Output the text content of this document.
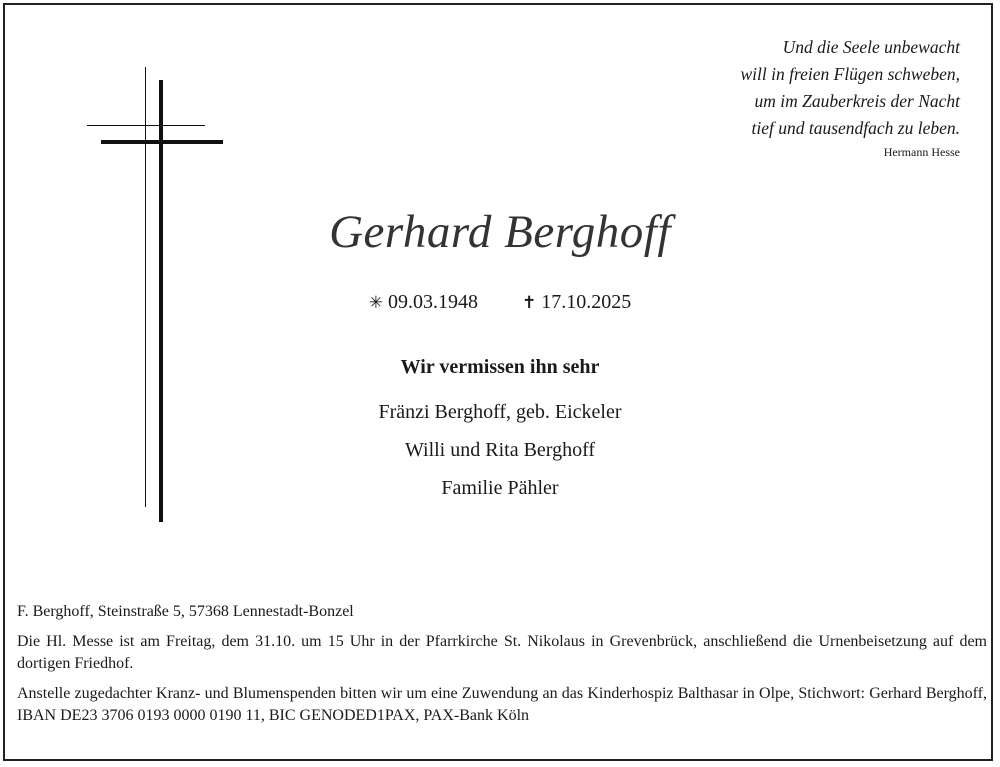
Und die Seele unbewacht
will in freien Flügen schweben,
um im Zauberkreis der Nacht
tief und tausendfach zu leben.
Hermann Hesse
Gerhard Berghoff
✳ 09.03.1948	✝ 17.10.2025
Wir vermissen ihn sehr
Fränzi Berghoff, geb. Eickeler
Willi und Rita Berghoff
Familie Pähler

F. Berghoff, Steinstraße 5, 57368 Lennestadt-Bonzel

Die Hl. Messe ist am Freitag, dem 31.10. um 15 Uhr in der Pfarrkirche St. Nikolaus in Grevenbrück, anschließend die Urnenbeisetzung auf dem dortigen Friedhof.

Anstelle zugedachter Kranz- und Blumenspenden bitten wir um eine Zuwendung an das Kinderhospiz Balthasar in Olpe, Stichwort: Gerhard Berghoff, IBAN DE23 3706 0193 0000 0190 11, BIC GENODED1PAX, PAX-Bank Köln
